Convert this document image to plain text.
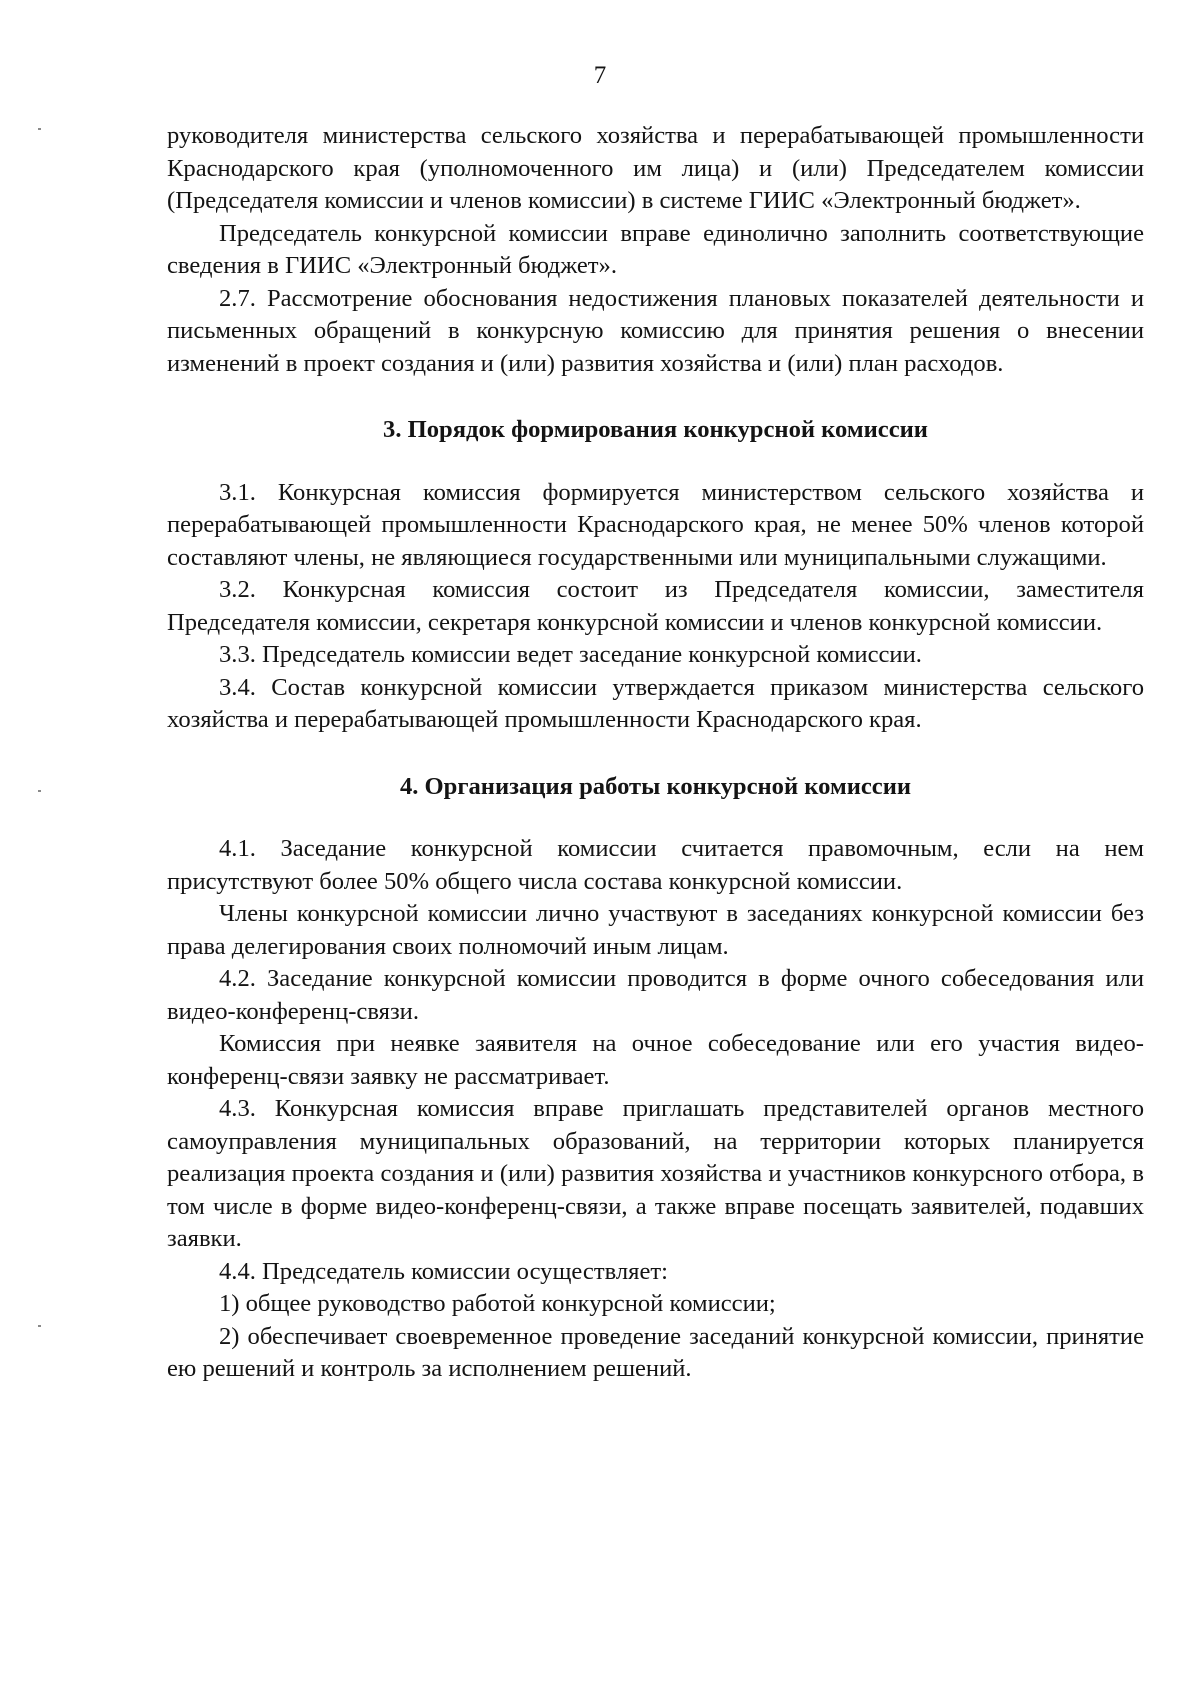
7

руководителя министерства сельского хозяйства и перерабатывающей промышленности Краснодарского края (уполномоченного им лица) и (или) Председателем комиссии (Председателя комиссии и членов комиссии) в системе ГИИС «Электронный бюджет».

Председатель конкурсной комиссии вправе единолично заполнить соответствующие сведения в ГИИС «Электронный бюджет».

2.7. Рассмотрение обоснования недостижения плановых показателей деятельности и письменных обращений в конкурсную комиссию для принятия решения о внесении изменений в проект создания и (или) развития хозяйства и (или) план расходов.

3. Порядок формирования конкурсной комиссии

3.1. Конкурсная комиссия формируется министерством сельского хозяйства и перерабатывающей промышленности Краснодарского края, не менее 50% членов которой составляют члены, не являющиеся государственными или муниципальными служащими.

3.2. Конкурсная комиссия состоит из Председателя комиссии, заместителя Председателя комиссии, секретаря конкурсной комиссии и членов конкурсной комиссии.

3.3. Председатель комиссии ведет заседание конкурсной комиссии.

3.4. Состав конкурсной комиссии утверждается приказом министерства сельского хозяйства и перерабатывающей промышленности Краснодарского края.

4. Организация работы конкурсной комиссии

4.1. Заседание конкурсной комиссии считается правомочным, если на нем присутствуют более 50% общего числа состава конкурсной комиссии.

Члены конкурсной комиссии лично участвуют в заседаниях конкурсной комиссии без права делегирования своих полномочий иным лицам.

4.2. Заседание конкурсной комиссии проводится в форме очного собеседования или видео-конференц-связи.

Комиссия при неявке заявителя на очное собеседование или его участия видео-конференц-связи заявку не рассматривает.

4.3. Конкурсная комиссия вправе приглашать представителей органов местного самоуправления муниципальных образований, на территории которых планируется реализация проекта создания и (или) развития хозяйства и участников конкурсного отбора, в том числе в форме видео-конференц-связи, а также вправе посещать заявителей, подавших заявки.

4.4. Председатель комиссии осуществляет:

1) общее руководство работой конкурсной комиссии;

2) обеспечивает своевременное проведение заседаний конкурсной комиссии, принятие ею решений и контроль за исполнением решений.
